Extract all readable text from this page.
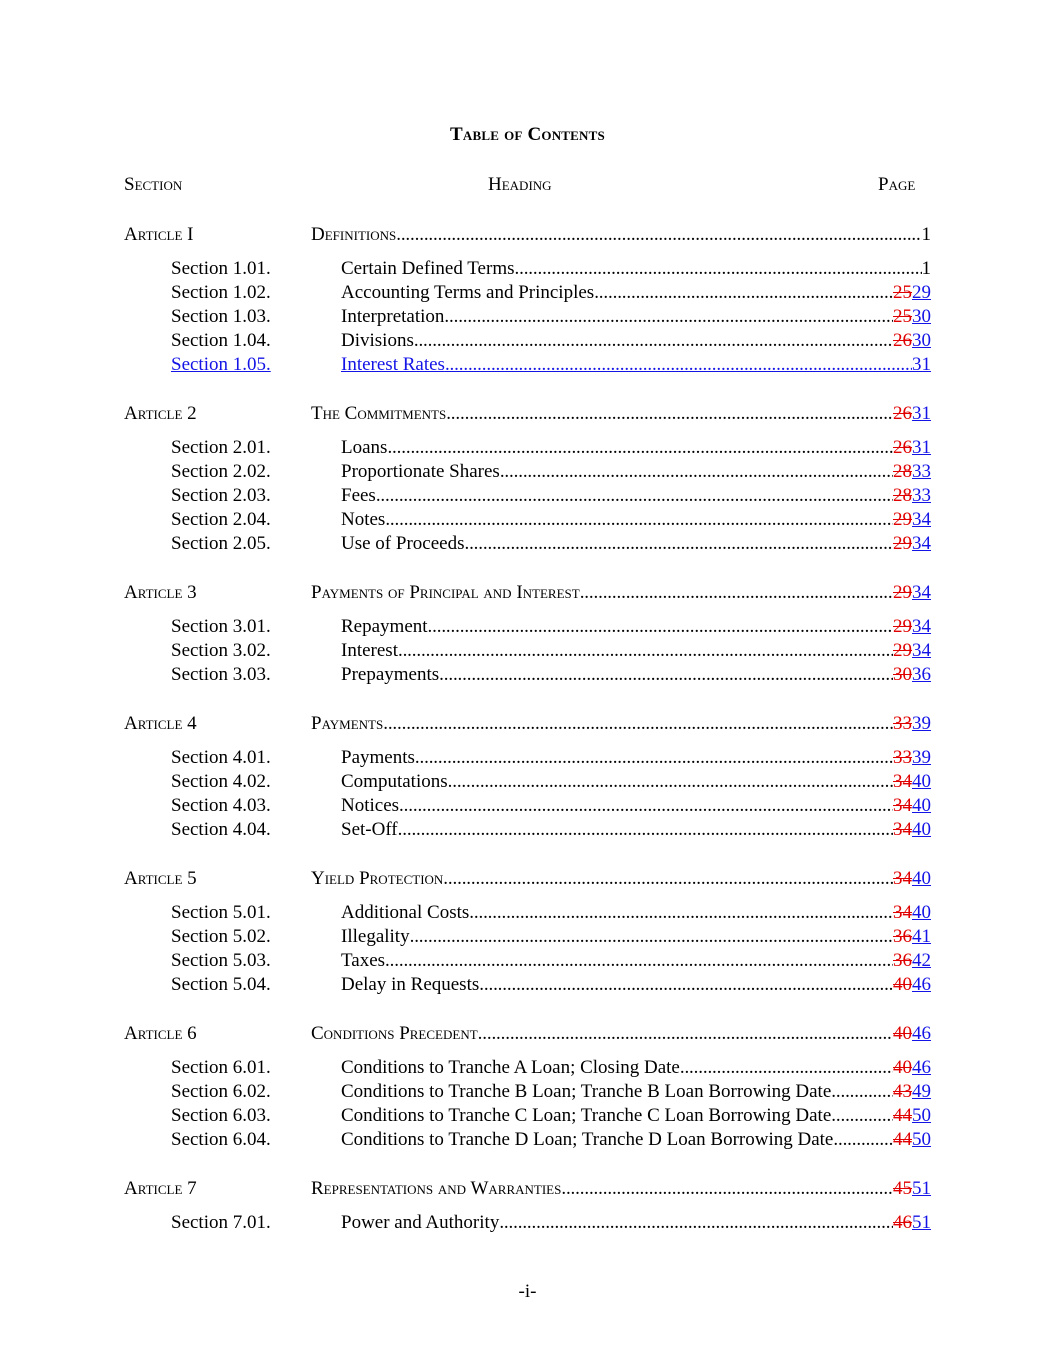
Table of Contents
Section	Heading	Page
Article I	Definitions . . .	1
Section 1.01.	Certain Defined Terms . . .	1
Section 1.02.	Accounting Terms and Principles . . .	2529
Section 1.03.	Interpretation . . .	2530
Section 1.04.	Divisions . . .	2630
Section 1.05.	Interest Rates . . .	31
Article 2	The Commitments . . .	2631
Section 2.01.	Loans . . .	2631
Section 2.02.	Proportionate Shares . . .	2833
Section 2.03.	Fees . . .	2833
Section 2.04.	Notes . . .	2934
Section 2.05.	Use of Proceeds . . .	2934
Article 3	Payments of Principal and Interest . . .	2934
Section 3.01.	Repayment . . .	2934
Section 3.02.	Interest . . .	2934
Section 3.03.	Prepayments . . .	3036
Article 4	Payments . . .	3339
Section 4.01.	Payments . . .	3339
Section 4.02.	Computations . . .	3440
Section 4.03.	Notices . . .	3440
Section 4.04.	Set-Off . . .	3440
Article 5	Yield Protection . . .	3440
Section 5.01.	Additional Costs . . .	3440
Section 5.02.	Illegality . . .	3641
Section 5.03.	Taxes . . .	3642
Section 5.04.	Delay in Requests . . .	4046
Article 6	Conditions Precedent . . .	4046
Section 6.01.	Conditions to Tranche A Loan; Closing Date . . .	4046
Section 6.02.	Conditions to Tranche B Loan; Tranche B Loan Borrowing Date . . .	4349
Section 6.03.	Conditions to Tranche C Loan; Tranche C Loan Borrowing Date . . .	4450
Section 6.04.	Conditions to Tranche D Loan; Tranche D Loan Borrowing Date . . .	4450
Article 7	Representations and Warranties . . .	4551
Section 7.01.	Power and Authority . . .	4651
-i-
